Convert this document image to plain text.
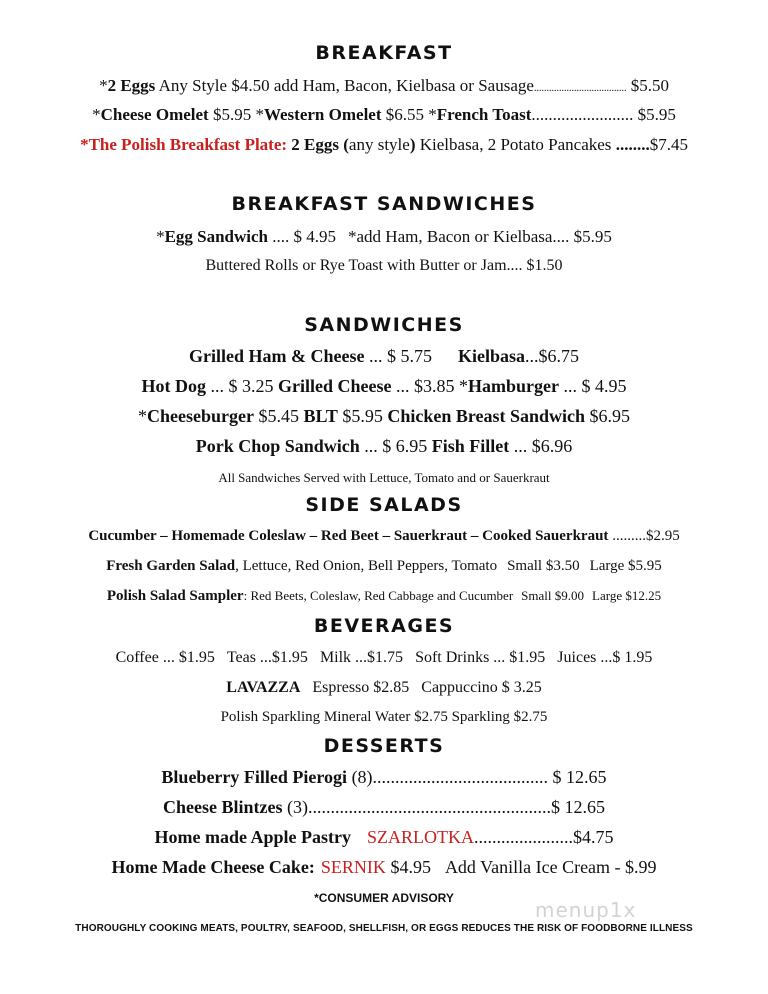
BREAKFAST
*2 Eggs Any Style $4.50 add Ham, Bacon, Kielbasa or Sausage..................................... $5.50
*Cheese Omelet $5.95 *Western Omelet $6.55 *French Toast........................ $5.95
*The Polish Breakfast Plate: 2 Eggs (any style) Kielbasa, 2 Potato Pancakes ........$7.45
BREAKFAST SANDWICHES
*Egg Sandwich .... $ 4.95 *add Ham, Bacon or Kielbasa.... $5.95
Buttered Rolls or Rye Toast with Butter or Jam.... $1.50
SANDWICHES
Grilled Ham & Cheese ... $ 5.75 Kielbasa...$6.75
Hot Dog ... $ 3.25 Grilled Cheese ... $3.85 *Hamburger ... $ 4.95
*Cheeseburger $5.45 BLT $5.95 Chicken Breast Sandwich $6.95
Pork Chop Sandwich ... $ 6.95 Fish Fillet ... $6.96
All Sandwiches Served with Lettuce, Tomato and or Sauerkraut
SIDE SALADS
Cucumber – Homemade Coleslaw – Red Beet – Sauerkraut – Cooked Sauerkraut .........$2.95
Fresh Garden Salad, Lettuce, Red Onion, Bell Peppers, Tomato Small $3.50 Large $5.95
Polish Salad Sampler: Red Beets, Coleslaw, Red Cabbage and Cucumber Small $9.00 Large $12.25
BEVERAGES
Coffee ... $1.95 Teas ...$1.95 Milk ...$1.75 Soft Drinks ... $1.95 Juices ...$ 1.95
LAVAZZA Espresso $2.85 Cappuccino $ 3.25
Polish Sparkling Mineral Water $2.75 Sparkling $2.75
DESSERTS
Blueberry Filled Pierogi (8)....................................... $ 12.65
Cheese Blintzes (3)......................................................$ 12.65
Home made Apple Pastry SZARLOTKA......................$4.75
Home Made Cheese Cake: SERNIK $4.95 Add Vanilla Ice Cream - $.99
*CONSUMER ADVISORY
THOROUGHLY COOKING MEATS, POULTRY, SEAFOOD, SHELLFISH, OR EGGS REDUCES THE RISK OF FOODBORNE ILLNESS
menup1x
